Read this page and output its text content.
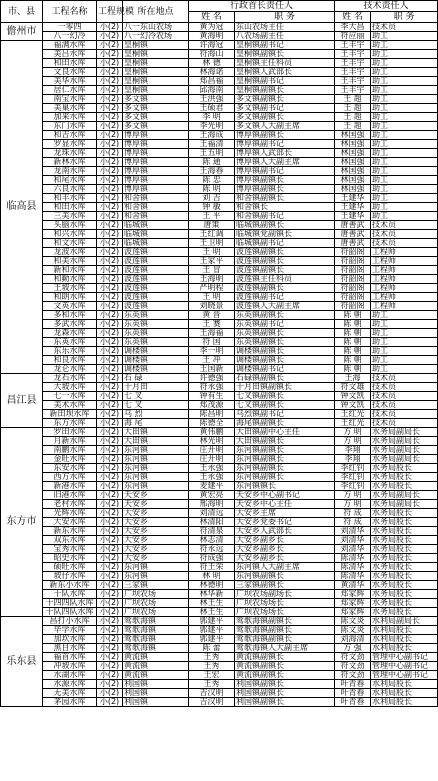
市、县	工程名称	工程规模	所在地点	行政首长责任人		技术责任人	
				姓 名	职 务	姓 名	职 务
儋州市	一零四	小(2)	八一东山农场	黄为冠	东山农场主任	李大昌	技术员
	八一幻冷	小(2)	八一幻冷农场	黄海明	八农场副主任	符应丽	助工
临高县	福满水库	小(2)	皇桐镇	许海冠	皇桐镇副书记	王丰宇	助工
	美吕水库	小(2)	皇桐镇	符海山	皇桐镇副镇长	王丰宇	助工
	和田水库	小(2)	皇桐镇	林 德	皇桐镇主任科员	王丰宇	助工
	文良水库	小(2)	皇桐镇	林海诺	皇桐镇人武部长	王丰宇	助工
	美华水库	小(2)	皇桐镇	郑昌福	皇桐镇副书记	王丰宇	助工
	居仁水库	小(2)	皇桐镇	邱海南	皇桐镇副镇长	王丰宇	助工
	南宝水库	小(2)	多文镇	王洪强	多文镇副镇长	王 超	助工
	美巢水库	小(2)	多文镇	王硕君	多文镇副书记	王 超	助工
	加来水库	小(2)	多文镇	李 明	多文镇副镇长	王 超	助工
	东门水库	小(2)	多文镇	李光明	多文镇人大副主席	王 超	助工
	和吉水库	小(2)	博厚镇	王海成	博厚镇副镇长	林国强	助工
	罗显水库	小(2)	博厚镇	王福清	博厚镇副书记	林国强	助工
	龙珠水库	小(2)	博厚镇	王五明	博厚镇人武部长	林国强	助工
	新林水库	小(2)	博厚镇	陈 通	博厚镇人大副主席	林国强	助工
	龙南水库	小(2)	博厚镇	王海春	博厚镇副书记	林国强	助工
	和尾水库	小(2)	博厚镇	陈 忠	博厚镇副镇长	林国强	助工
	六良水库	小(2)	博厚镇	陈 明	博厚镇副镇长	林国强	助工
	和丰水库	小(2)	和舍镇	刘 吉	和舍镇副镇长	王建华	助工
	和田水库	小(2)	和舍镇	钟 敏	和舍镇长	王建华	助工
	三美水库	小(2)	和舍镇	王 平	和舍镇副书记	王建华	助工
	头脑水库	小(2)	临城镇	唐策	临城镇副镇长	唐善武	技术员
	和兴水库	小(2)	临城镇	王红调	临城镇党副镇长	唐善武	技术员
	和文水库	小(2)	临城镇	王卫明	临城镇副书记	唐善武	技术员
	龙波水库	小(2)	波莲镇	王 明	波莲镇副镇长	符韶阁	工程师
	和美水库	小(2)	波莲镇	王家平	波莲镇副镇长	符韶阁	工程师
	新和水库	小(2)	波莲镇	王 冒	波莲镇副镇长	符韶阁	工程师
	和勤水库	小(2)	波莲镇	王海明	波莲镇主任科员	符韶阁	工程师
	王坡水库	小(2)	波莲镇	严明程	波莲镇副镇长	符韶阁	工程师
	和朗水库	小(2)	波莲镇	王 明	波莲镇副书记	符韶阁	工程师
	文英水库	小(2)	波莲镇	刘晓景	波莲镇人大副主席	符韶阁	工程师
	多和水库	小(2)	东英镇	黄 晋	东英镇副镇长	陈 朝	助工
	多武水库	小(2)	东英镇	王 赛	东英镇副书记	陈 朝	助工
	龙森水库	小(2)	东英镇	王海福	东英镇副镇长	陈 朝	助工
	东英水库	小(2)	东英镇	符 国	东英镇副镇长	陈 朝	助工
	东乐水库	小(2)	调楼镇	李一明	调楼镇副镇长	陈 朝	助工
	和良水库	小(2)	调楼镇	王 冲	调楼镇副镇长	陈 朝	助工
	龙仑水库	小(2)	调楼镇	王国新	调楼镇副书记	陈 朝	助工
昌江县	龙石水库	小(2)	石 碌	许德强	石碌镇副镇长	王海	技术员
	大坡水库	小(2)	十月田	符永强	十月田镇副镇长	符文雄	技术员
	七一水库	小(2)	七 叉	钟有生	七叉镇副镇长	钟文凯	技术员
	美术水库	小(2)	七 叉	郑茂源	七叉镇副镇长	钟文凯	技术员
	新田坝水库	小(2)	乌 烈	陈昌明	乌烈镇副书记	王红光	技术员
	东方水库	小(2)	海 尾	陈德全	海尾镇副镇长	王红光	技术员
东方市	罗田水库	小(2)	大田镇	黄伟鹏	大田镇副中心主任	方 明	水务局副局长
	月新水库	小(2)	大田镇	林光明	大田镇副镇长	方 明	水务局副局长
	南鹏水库	小(2)	东河镇	庄开明	东河镇副镇长	李翔	水务局副局长
	金旺水库	小(2)	东河镇	庄开明	东河镇副镇长	李翔	水务局副局长
	东安水库	小(2)	东河镇	王永强	东河镇副镇长	李红钊	水务局股长
	西方水库	小(2)	东河镇	王永强	东河镇副镇长	李红钊	水务局股长
	新港水库	小(2)	东河镇	麦建平	东河镇镇长	李红钊	水务局股长
	旧港水库	小(2)	天安乡	黄宏亮	天安乡中心副书记	方 明	水务局副局长
	老村水库	小(2)	天安乡	邢海明	天安乡中心主任	方 明	水务局副局长
	光辉水库	小(2)	大安乡	刘清远	大安乡主席	符 成	水务局股长
	大安水库	小(2)	大安乡	林清阳	大安乡党委书记	符 成	水务局股长
	新东水库	小(2)	大安乡	符清泉	大安乡人武部长	刘清华	水务局股长
	双东水库	小(2)	大安乡	林志清	大安乡副乡长	刘清华	水务局股长
	宝秀水库	小(2)	大安乡	符永远	大安乡副乡长	刘清华	水务局股长
	昭史水库	小(2)	大安乡	符成强	大安乡副乡长	陈清华	水务局股长
	硕旺水库	小(2)	东河镇	符王荣	东河镇人大副主席	陈清华	水务局股长
	坡仔水库	小(2)	东河镇	林 明	东河镇副镇长	陈清华	水务局股长
	新东小水库	小(2)	三家镇	林德明	三家镇副镇长	黄清华	水务局股长
	十队水库	小(2)	广坝农场	林华新	广坝农场副场长	郑家辉	水务局股长
	十四四队水库	小(2)	广坝农场	林王生	广坝农场场长	郑家辉	水务局股长
	十队四队水库	小(2)	广坝农场	林王生	广坝农场场长	郑家辉	水务局股长
乐东县	昌打小水库	小(2)	莺歌海镇	郭建平	莺歌海镇副镇长	陈文炎	水利局副局长
	毕学水库	小(2)	莺歌海镇	郭建平	莺歌海镇副镇长	陈文炎	水利局股长
	加坎水库	小(2)	莺歌海镇	郭建平	莺歌海镇副镇长	刘海清	水利局股长
	黑目水库	小(2)	莺歌海镇	陈 蕾	莺歌海镇人大副主席	方 强	水利局股长
	福首水库	小(2)	黄流镇	王秀	黄流镇副镇长	符文劲	管理中心副书记
	冲坡水库	小(2)	黄流镇	王秀	黄流镇副镇长	符文劲	管理中心副书记
	水湖水库	小(2)	黄流镇	王宏	黄流镇副镇长	符文劲	管理中心副书记
	水源水库	小(2)	利国镇	王秀	利国镇副镇长	叶青春	水利局股长
	无美水库	小(2)	利国镇	吉汉明	利国镇副镇长	叶青春	水利局股长
	茅园水库	小(2)	利国镇	吉汉明	利国镇副镇长	叶青春	水利局股长
